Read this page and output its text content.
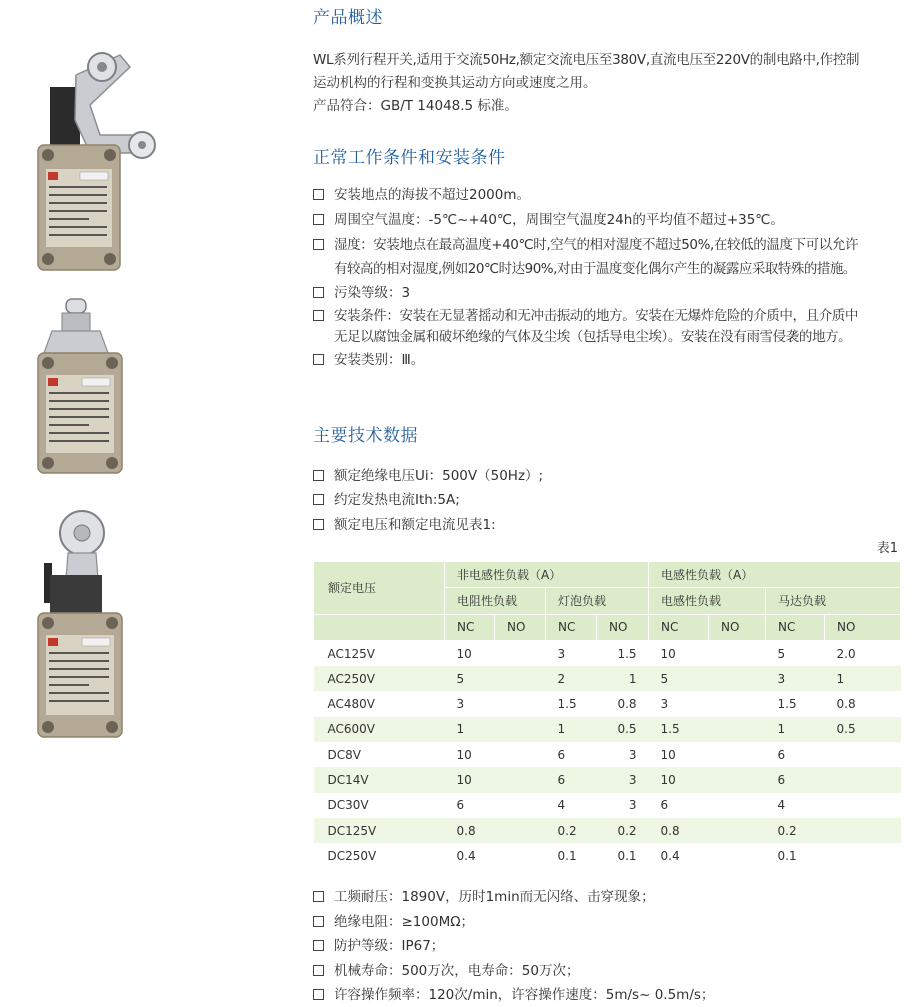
产品概述
WL系列行程开关,适用于交流50Hz,额定交流电压至380V,直流电压至220V的制电路中,作控制
运动机构的行程和变换其运动方向或速度之用。
产品符合：GB/T 14048.5 标准。
正常工作条件和安装条件
安装地点的海拔不超过2000m。
周围空气温度：-5℃~+40℃，周围空气温度24h的平均值不超过+35℃。
湿度：安装地点在最高温度+40℃时,空气的相对湿度不超过50%,在较低的温度下可以允许
有较高的相对湿度,例如20℃时达90%,对由于温度变化偶尔产生的凝露应采取特殊的措施。
污染等级：3
安装条件：安装在无显著摇动和无冲击振动的地方。安装在无爆炸危险的介质中，且介质中
无足以腐蚀金属和破坏绝缘的气体及尘埃（包括导电尘埃）。安装在没有雨雪侵袭的地方。
安装类别：Ⅲ。
主要技术数据
额定绝缘电压Ui：500V（50Hz）;
约定发热电流Ith:5A;
额定电压和额定电流见表1:
表1
额定电压	非电感性负载（A）				电感性负载（A）			
	电阻性负载		灯泡负载		电感性负载		马达负载	
	NC	NO	NC	NO	NC	NO	NC	NO
AC125V	10		3	1.5	10		5	2.0
AC250V	5		2	1	5		3	1
AC480V	3		1.5	0.8	3		1.5	0.8
AC600V	1		1	0.5	1.5		1	0.5
DC8V	10		6	3	10		6	
DC14V	10		6	3	10		6	
DC30V	6		4	3	6		4	
DC125V	0.8		0.2	0.2	0.8		0.2	
DC250V	0.4		0.1	0.1	0.4		0.1	
工频耐压：1890V，历时1min而无闪络、击穿现象；
绝缘电阻：≥100MΩ；
防护等级：IP67；
机械寿命：500万次，电寿命：50万次；
许容操作频率：120次/min，许容操作速度：5m/s~ 0.5m/s；
